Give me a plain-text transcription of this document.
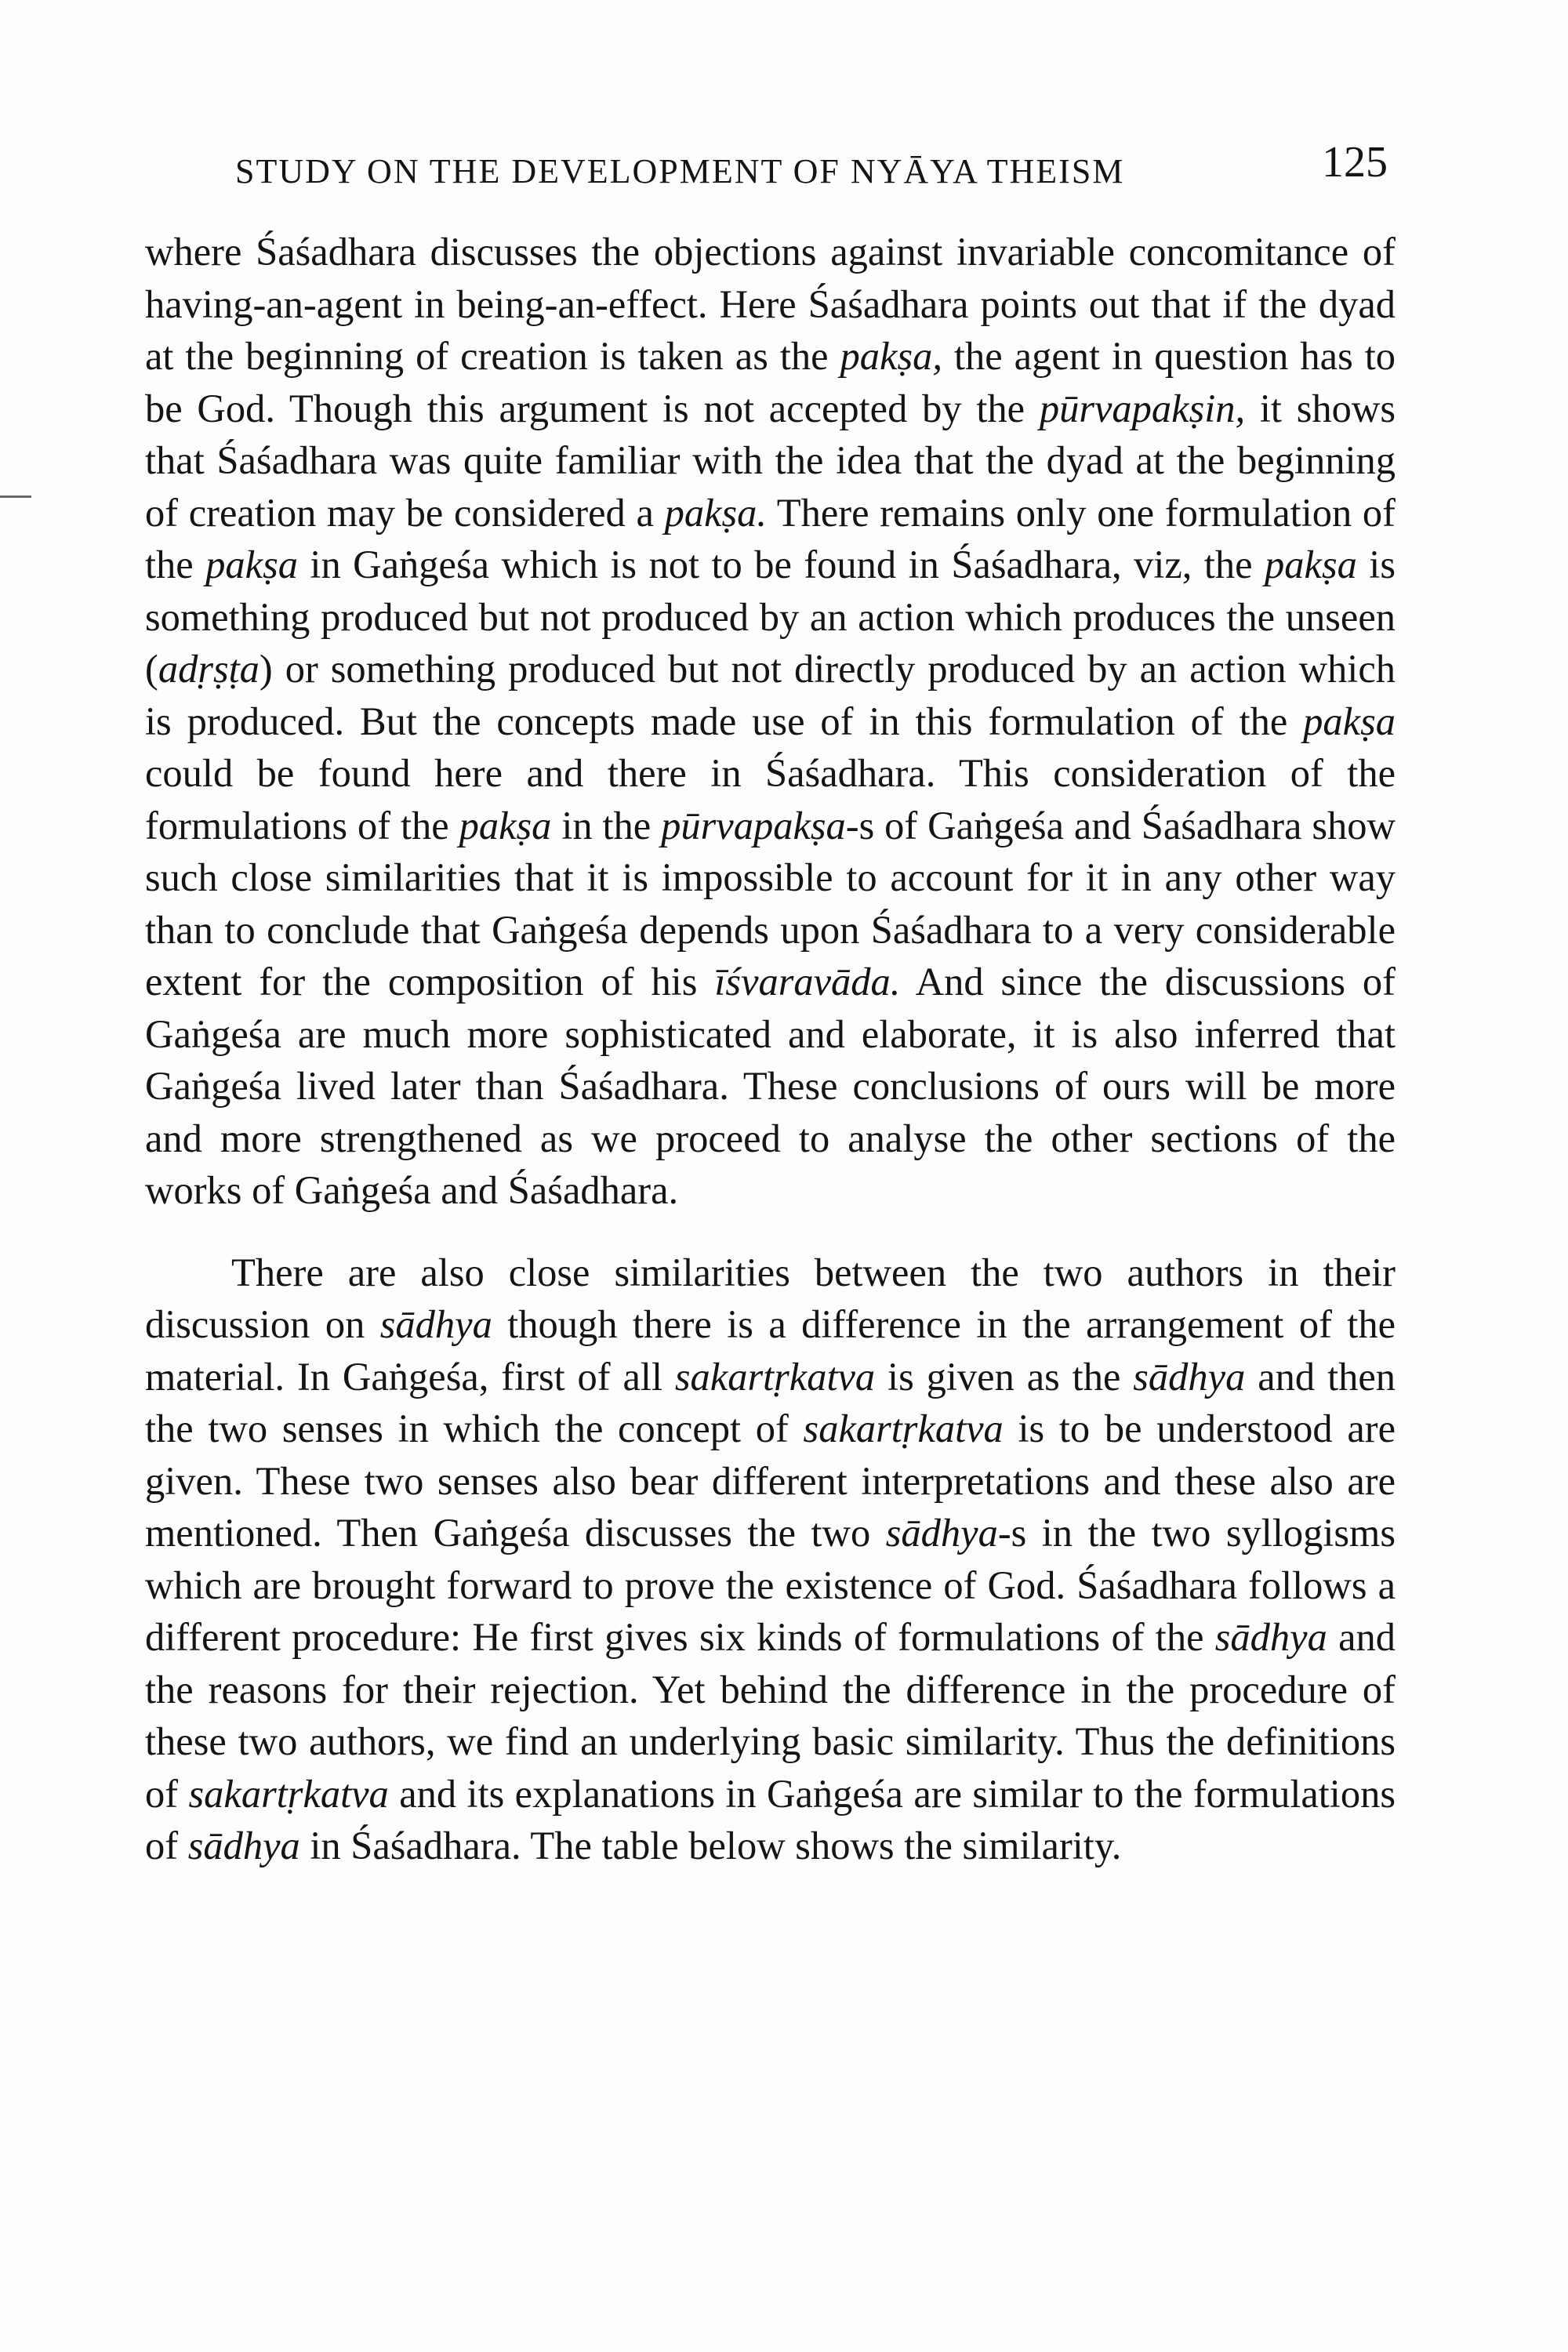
STUDY ON THE DEVELOPMENT OF NYĀYA THEISM	125

where Śaśadhara discusses the objections against invariable concomitance of having-an-agent in being-an-effect. Here Śaśadhara points out that if the dyad at the beginning of creation is taken as the pakṣa, the agent in question has to be God. Though this argument is not accepted by the pūrvapakṣin, it shows that Śaśadhara was quite familiar with the idea that the dyad at the beginning of creation may be considered a pakṣa. There remains only one formulation of the pakṣa in Gaṅgeśa which is not to be found in Śaśadhara, viz, the pakṣa is something produced but not produced by an action which produces the unseen (adṛṣṭa) or something produced but not directly produced by an action which is produced. But the concepts made use of in this formulation of the pakṣa could be found here and there in Śaśadhara. This consideration of the formulations of the pakṣa in the pūrvapakṣa-s of Gaṅgeśa and Śaśadhara show such close similarities that it is impossible to account for it in any other way than to conclude that Gaṅgeśa depends upon Śaśadhara to a very considerable extent for the composition of his īśvaravāda. And since the discussions of Gaṅgeśa are much more sophisticated and elaborate, it is also inferred that Gaṅgeśa lived later than Śaśadhara. These conclusions of ours will be more and more strengthened as we proceed to analyse the other sections of the works of Gaṅgeśa and Śaśadhara.

There are also close similarities between the two authors in their discussion on sādhya though there is a difference in the arrangement of the material. In Gaṅgeśa, first of all sakartṛkatva is given as the sādhya and then the two senses in which the concept of sakartṛkatva is to be understood are given. These two senses also bear different interpretations and these also are mentioned. Then Gaṅgeśa discusses the two sādhya-s in the two syllogisms which are brought forward to prove the existence of God. Śaśadhara follows a different procedure: He first gives six kinds of formulations of the sādhya and the reasons for their rejection. Yet behind the difference in the procedure of these two authors, we find an underlying basic similarity. Thus the definitions of sakartṛkatva and its explanations in Gaṅgeśa are similar to the formulations of sādhya in Śaśadhara. The table below shows the similarity.
